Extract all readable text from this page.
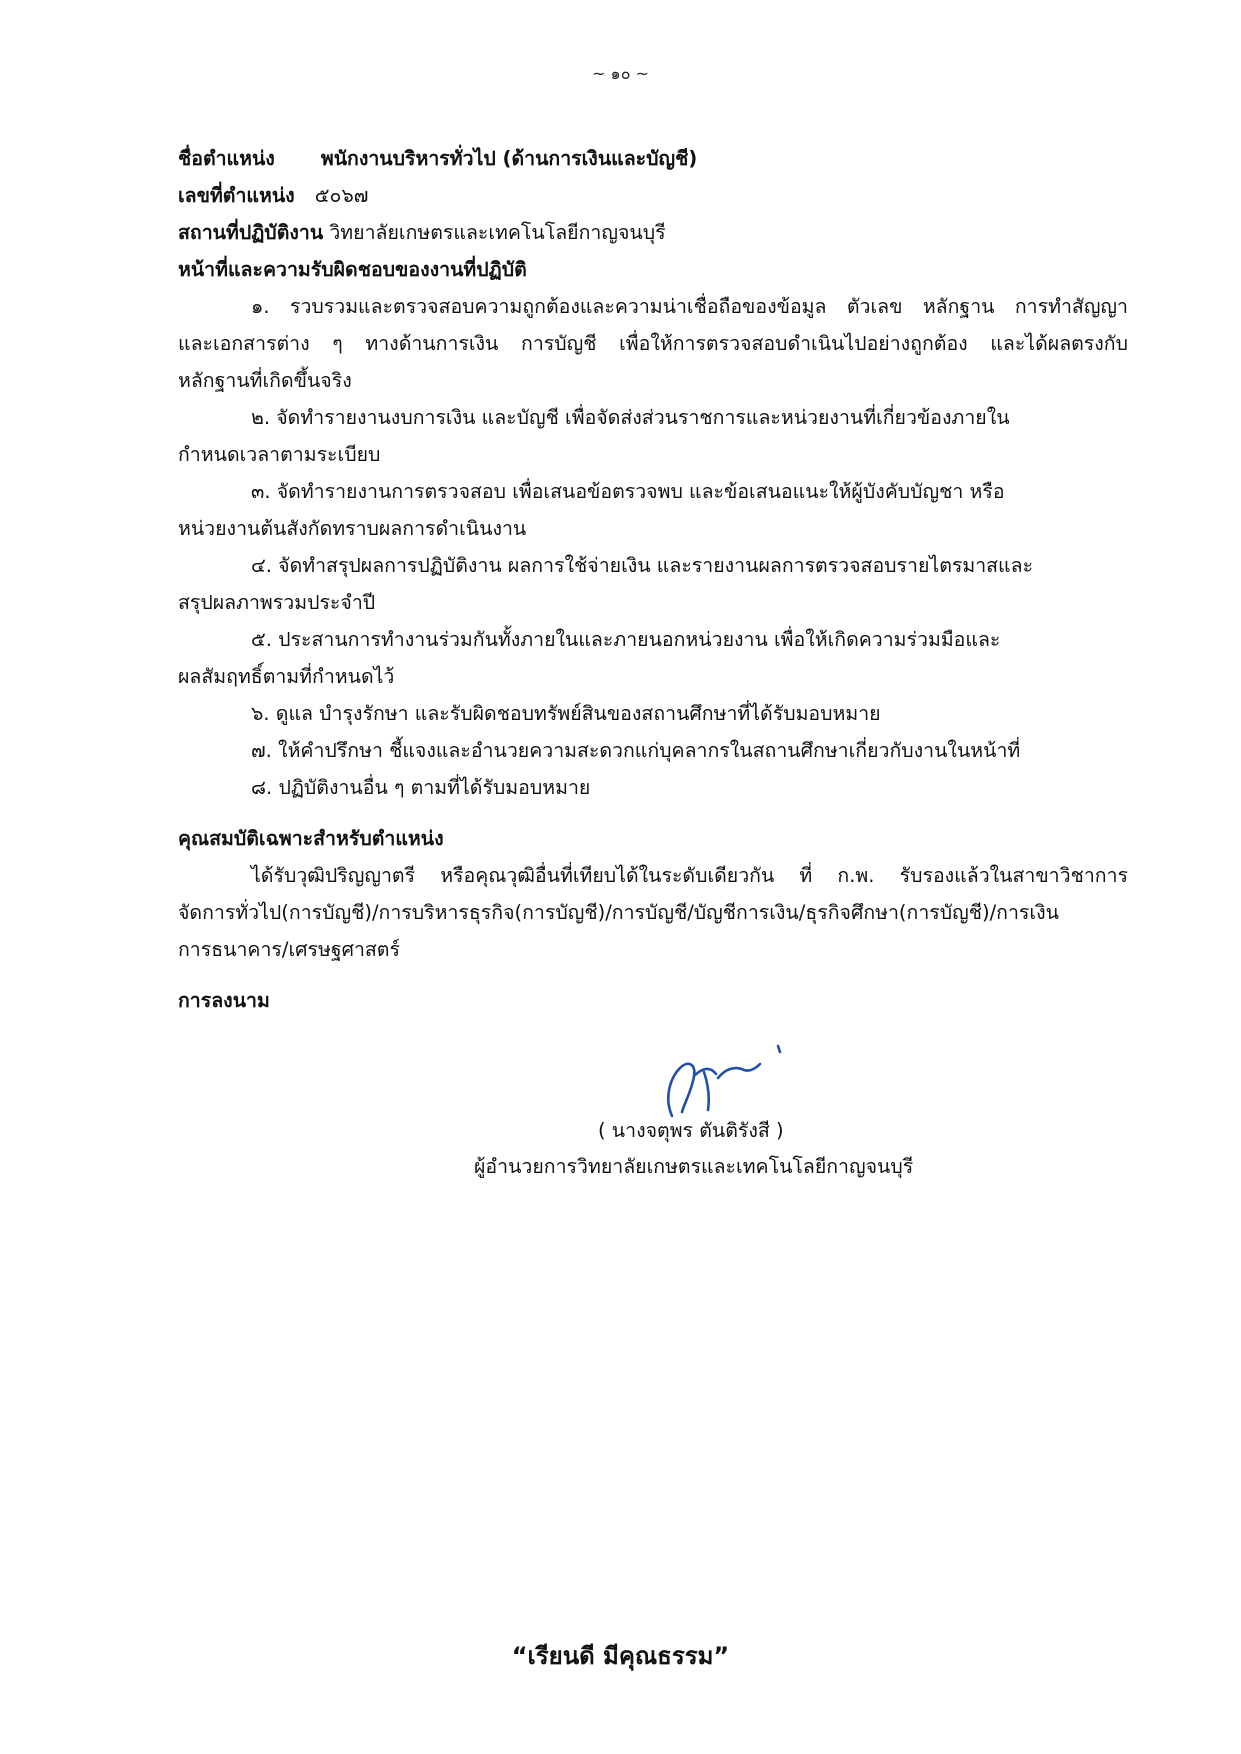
~ ๑๐ ~
ชื่อตำแหน่ง พนักงานบริหารทั่วไป (ด้านการเงินและบัญชี)
เลขที่ตำแหน่ง ๕๐๖๗
สถานที่ปฏิบัติงาน วิทยาลัยเกษตรและเทคโนโลยีกาญจนบุรี
หน้าที่และความรับผิดชอบของงานที่ปฏิบัติ
๑. รวบรวมและตรวจสอบความถูกต้องและความน่าเชื่อถือของข้อมูล ตัวเลข หลักฐาน การทำสัญญา
และเอกสารต่าง ๆ ทางด้านการเงิน การบัญชี เพื่อให้การตรวจสอบดำเนินไปอย่างถูกต้อง และได้ผลตรงกับ
หลักฐานที่เกิดขึ้นจริง
๒. จัดทำรายงานงบการเงิน และบัญชี เพื่อจัดส่งส่วนราชการและหน่วยงานที่เกี่ยวข้องภายใน
กำหนดเวลาตามระเบียบ
๓. จัดทำรายงานการตรวจสอบ เพื่อเสนอข้อตรวจพบ และข้อเสนอแนะให้ผู้บังคับบัญชา หรือ
หน่วยงานต้นสังกัดทราบผลการดำเนินงาน
๔. จัดทำสรุปผลการปฏิบัติงาน ผลการใช้จ่ายเงิน และรายงานผลการตรวจสอบรายไตรมาสและ
สรุปผลภาพรวมประจำปี
๕. ประสานการทำงานร่วมกันทั้งภายในและภายนอกหน่วยงาน เพื่อให้เกิดความร่วมมือและ
ผลสัมฤทธิ์ตามที่กำหนดไว้
๖. ดูแล บำรุงรักษา และรับผิดชอบทรัพย์สินของสถานศึกษาที่ได้รับมอบหมาย
๗. ให้คำปรึกษา ชี้แจงและอำนวยความสะดวกแก่บุคลากรในสถานศึกษาเกี่ยวกับงานในหน้าที่
๘. ปฏิบัติงานอื่น ๆ ตามที่ได้รับมอบหมาย
คุณสมบัติเฉพาะสำหรับตำแหน่ง
ได้รับวุฒิปริญญาตรี หรือคุณวุฒิอื่นที่เทียบได้ในระดับเดียวกัน ที่ ก.พ. รับรองแล้วในสาขาวิชาการ
จัดการทั่วไป(การบัญชี)/การบริหารธุรกิจ(การบัญชี)/การบัญชี/บัญชีการเงิน/ธุรกิจศึกษา(การบัญชี)/การเงิน
การธนาคาร/เศรษฐศาสตร์
การลงนาม
( นางจตุพร ตันติรังสี )
ผู้อำนวยการวิทยาลัยเกษตรและเทคโนโลยีกาญจนบุรี
“เรียนดี มีคุณธรรม”
